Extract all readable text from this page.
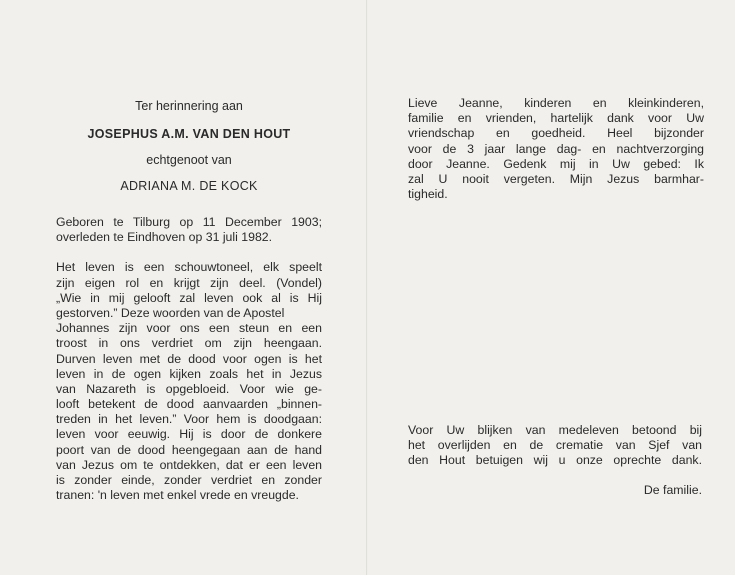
Ter herinnering aan

JOSEPHUS A.M. VAN DEN HOUT

echtgenoot van

ADRIANA M. DE KOCK

Geboren te Tilburg op 11 December 1903;
overleden te Eindhoven op 31 juli 1982.
Het leven is een schouwtoneel, elk speelt
zijn eigen rol en krijgt zijn deel. (Vondel)
„Wie in mij gelooft zal leven ook al is Hij
gestorven.” Deze woorden van de Apostel
Johannes zijn voor ons een steun en een
troost in ons verdriet om zijn heengaan.
Durven leven met de dood voor ogen is het
leven in de ogen kijken zoals het in Jezus
van Nazareth is opgebloeid. Voor wie ge-
looft betekent de dood aanvaarden „binnen-
treden in het leven.” Voor hem is doodgaan:
leven voor eeuwig. Hij is door de donkere
poort van de dood heengegaan aan de hand
van Jezus om te ontdekken, dat er een leven
is zonder einde, zonder verdriet en zonder
tranen: 'n leven met enkel vrede en vreugde.
Lieve Jeanne, kinderen en kleinkinderen,
familie en vrienden, hartelijk dank voor Uw
vriendschap en goedheid. Heel bijzonder
voor de 3 jaar lange dag- en nachtverzorging
door Jeanne. Gedenk mij in Uw gebed: Ik
zal U nooit vergeten. Mijn Jezus barmhar-
tigheid.
Voor Uw blijken van medeleven betoond bij
het overlijden en de crematie van Sjef van
den Hout betuigen wij u onze oprechte dank.
De familie.
